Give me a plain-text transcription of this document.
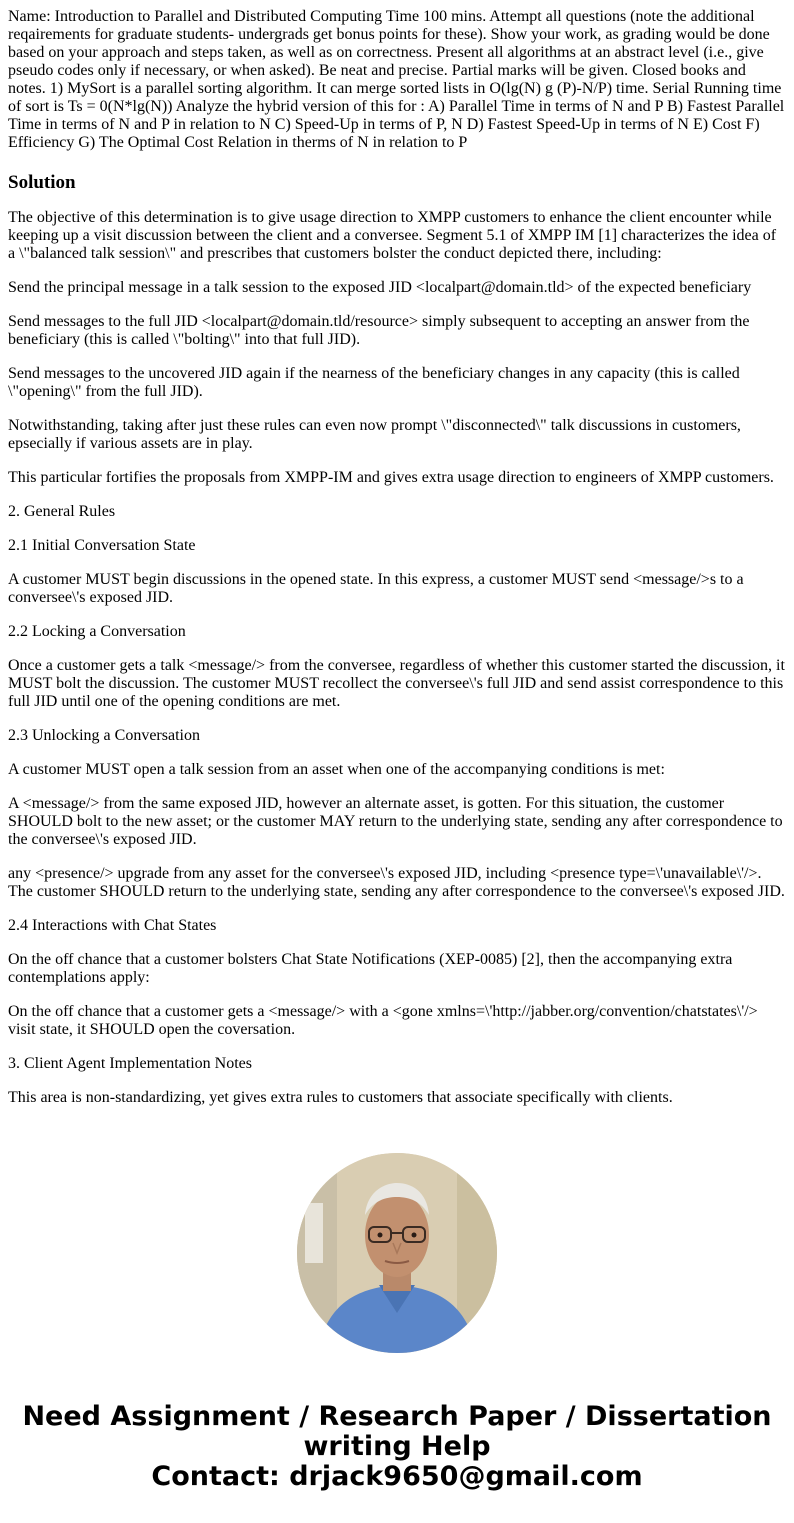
Name: Introduction to Parallel and Distributed Computing Time 100 mins. Attempt all questions (note the additional reqairements for graduate students- undergrads get bonus points for these). Show your work, as grading would be done based on your approach and steps taken, as well as on correctness. Present all algorithms at an abstract level (i.e., give pseudo codes only if necessary, or when asked). Be neat and precise. Partial marks will be given. Closed books and notes. 1) MySort is a parallel sorting algorithm. It can merge sorted lists in O(lg(N) g (P)-N/P) time. Serial Running time of sort is Ts = 0(N*lg(N)) Analyze the hybrid version of this for : A) Parallel Time in terms of N and P B) Fastest Parallel Time in terms of N and P in relation to N C) Speed-Up in terms of P, N D) Fastest Speed-Up in terms of N E) Cost F) Efficiency G) The Optimal Cost Relation in therms of N in relation to P

Solution

The objective of this determination is to give usage direction to XMPP customers to enhance the client encounter while keeping up a visit discussion between the client and a conversee. Segment 5.1 of XMPP IM [1] characterizes the idea of a \"balanced talk session\" and prescribes that customers bolster the conduct depicted there, including:

Send the principal message in a talk session to the exposed JID <localpart@domain.tld> of the expected beneficiary

Send messages to the full JID <localpart@domain.tld/resource> simply subsequent to accepting an answer from the beneficiary (this is called \"bolting\" into that full JID).

Send messages to the uncovered JID again if the nearness of the beneficiary changes in any capacity (this is called \"opening\" from the full JID).

Notwithstanding, taking after just these rules can even now prompt \"disconnected\" talk discussions in customers, epsecially if various assets are in play.

This particular fortifies the proposals from XMPP-IM and gives extra usage direction to engineers of XMPP customers.

2. General Rules

2.1 Initial Conversation State

A customer MUST begin discussions in the opened state. In this express, a customer MUST send <message/>s to a conversee\'s exposed JID.

2.2 Locking a Conversation

Once a customer gets a talk <message/> from the conversee, regardless of whether this customer started the discussion, it MUST bolt the discussion. The customer MUST recollect the conversee\'s full JID and send assist correspondence to this full JID until one of the opening conditions are met.

2.3 Unlocking a Conversation

A customer MUST open a talk session from an asset when one of the accompanying conditions is met:

A <message/> from the same exposed JID, however an alternate asset, is gotten. For this situation, the customer SHOULD bolt to the new asset; or the customer MAY return to the underlying state, sending any after correspondence to the conversee\'s exposed JID.

any <presence/> upgrade from any asset for the conversee\'s exposed JID, including <presence type=\'unavailable\'/>. The customer SHOULD return to the underlying state, sending any after correspondence to the conversee\'s exposed JID.

2.4 Interactions with Chat States

On the off chance that a customer bolsters Chat State Notifications (XEP-0085) [2], then the accompanying extra contemplations apply:

On the off chance that a customer gets a <message/> with a <gone xmlns=\'http://jabber.org/convention/chatstates\'/> visit state, it SHOULD open the coversation.

3. Client Agent Implementation Notes

This area is non-standardizing, yet gives extra rules to customers that associate specifically with clients.

Need Assignment / Research Paper / Dissertation
writing Help
Contact: drjack9650@gmail.com
